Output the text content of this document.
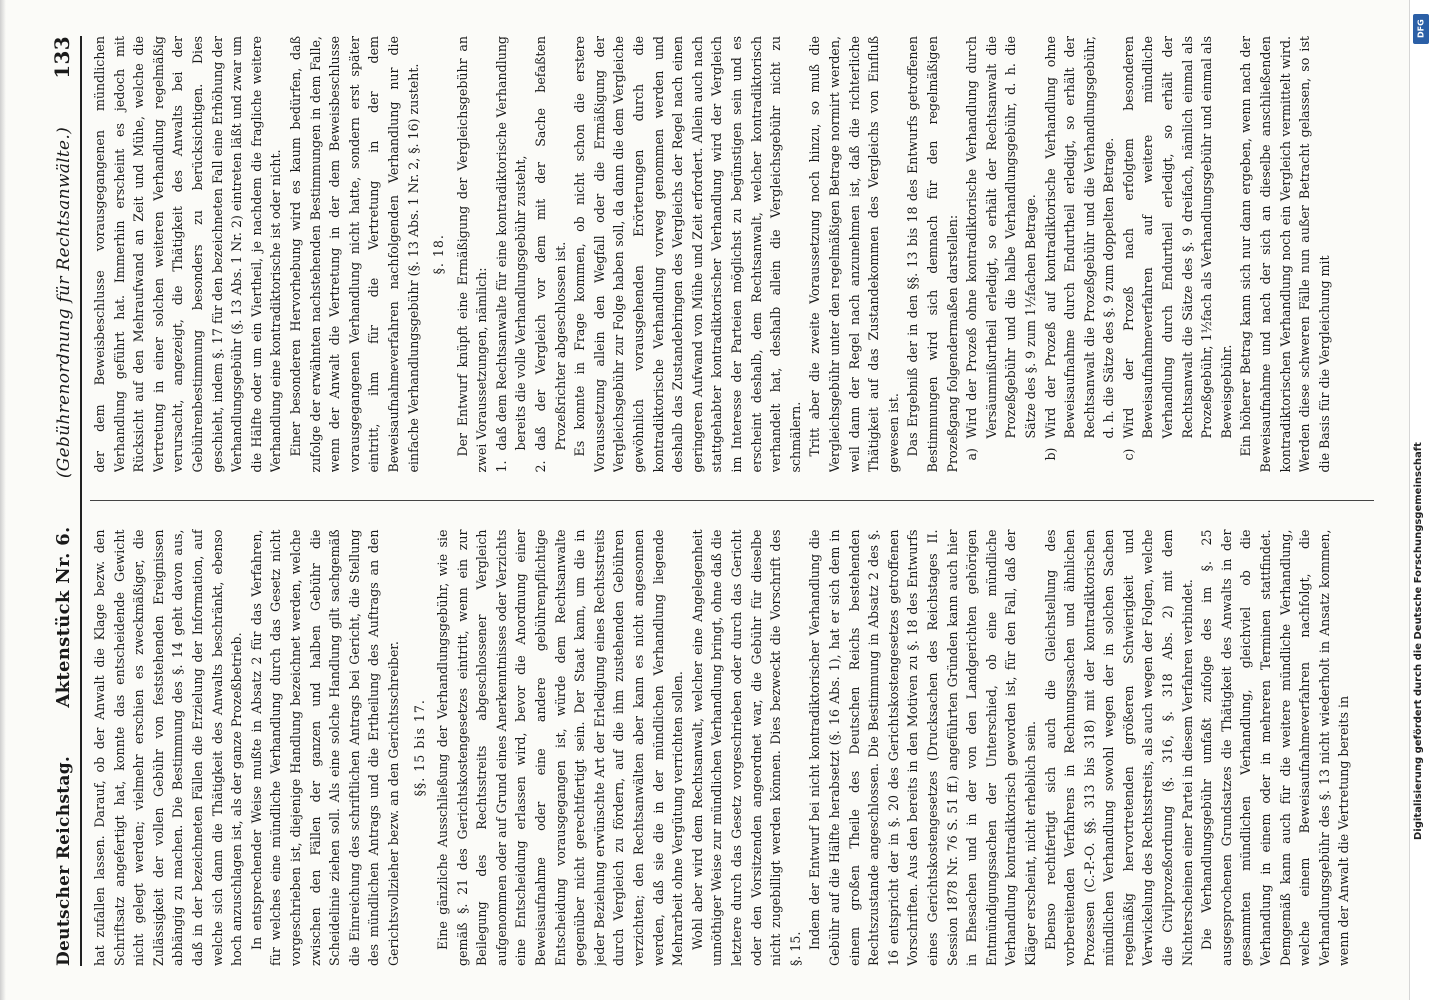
Deutscher Reichstag.
Aktenstück Nr. 6.
(Gebührenordnung für Rechtsanwälte.)
133

hat zufallen lassen. Darauf, ob der Anwalt die Klage bezw. den Schriftsatz angefertigt hat, konnte das entscheidende Gewicht nicht gelegt werden; vielmehr erschien es zweckmäßiger, die Zulässigkeit der vollen Gebühr von feststehenden Ereignissen abhängig zu machen. Die Bestimmung des §. 14 geht davon aus, daß in der bezeichneten Fällen die Erzielung der Information, auf welche sich dann die Thätigkeit des Anwalts beschränkt, ebenso hoch anzuschlagen ist, als der ganze Prozeßbetrieb. In entsprechender Weise mußte in Absatz 2 für das Verfahren, für welches eine mündliche Verhandlung durch das Gesetz nicht vorgeschrieben ist, diejenige Handlung bezeichnet werden, welche zwischen den Fällen der ganzen und halben Gebühr die Scheidelinie ziehen soll. Als eine solche Handlung gilt sachgemäß die Einreichung des schriftlichen Antrags bei Gericht, die Stellung des mündlichen Antrags und die Ertheilung des Auftrags an den Gerichtsvollzieher bezw. an den Gerichtsschreiber. §§. 15 bis 17. Eine gänzliche Ausschließung der Verhandlungsgebühr, wie sie gemäß §. 21 des Gerichtskostengesetzes eintritt, wenn ein zur Beilegung des Rechtsstreits abgeschlossener Vergleich aufgenommen oder auf Grund eines Anerkenntnisses oder Verzichts eine Entscheidung erlassen wird, bevor die Anordnung einer Beweisaufnahme oder eine andere gebührenpflichtige Entscheidung vorausgegangen ist, würde dem Rechtsanwalte gegenüber nicht gerechtfertigt sein. Der Staat kann, um die in jeder Beziehung erwünschte Art der Erledigung eines Rechtsstreits durch Vergleich zu fördern, auf die ihm zustehenden Gebühren verzichten; den Rechtsanwälten aber kann es nicht angesonnen werden, daß sie die in der mündlichen Verhandlung liegende Mehrarbeit ohne Vergütung verrichten sollen. Wohl aber wird dem Rechtsanwalt, welcher eine Angelegenheit unnöthiger Weise zur mündlichen Verhandlung bringt, ohne daß die letztere durch das Gesetz vorgeschrieben oder durch das Gericht oder den Vorsitzenden angeordnet war, die Gebühr für dieselbe nicht zugebilligt werden können. Dies bezweckt die Vorschrift des §. 15. Indem der Entwurf bei nicht kontradiktorischer Verhandlung die Gebühr auf die Hälfte herabsetzt (§. 16 Abs. 1), hat er sich dem in einem großen Theile des Deutschen Reichs bestehenden Rechtszustande angeschlossen. Die Bestimmung in Absatz 2 des §. 16 entspricht der in §. 20 des Gerichtskostengesetzes getroffenen Vorschriften. Aus den bereits in den Motiven zu §. 18 des Entwurfs eines Gerichtskostengesetzes (Drucksachen des Reichstages II. Session 1878 Nr. 76 S. 51 ff.) angeführten Gründen kann auch hier in Ehesachen und in der von den Landgerichten gehörigen Entmündigungssachen der Unterschied, ob eine mündliche Verhandlung kontradiktorisch geworden ist, für den Fall, daß der Kläger erscheint, nicht erheblich sein. Ebenso rechtfertigt sich auch die Gleichstellung des vorbereitenden Verfahrens in Rechnungssachen und ähnlichen Prozessen (C.-P.-O. §§. 313 bis 318) mit der kontradiktorischen mündlichen Verhandlung sowohl wegen der in solchen Sachen regelmäßig hervortretenden größeren Schwierigkeit und Verwickelung des Rechtsstreits, als auch wegen der Folgen, welche die Civilprozeßordnung (§. 316, §. 318 Abs. 2) mit dem Nichterscheinen einer Partei in diesem Verfahren verbindet. Die Verhandlungsgebühr umfaßt zufolge des im §. 25 ausgesprochenen Grundsatzes die Thätigkeit des Anwalts in der gesammten mündlichen Verhandlung, gleichviel ob die Verhandlung in einem oder in mehreren Terminen stattfindet. Demgemäß kann auch für die weitere mündliche Verhandlung, welche einem Beweisaufnahmeverfahren nachfolgt, die Verhandlungsgebühr des §. 13 nicht wiederholt in Ansatz kommen, wenn der Anwalt die Vertretung bereits in

der dem Beweisbeschlusse vorausgegangenen mündlichen Verhandlung geführt hat. Immerhin erscheint es jedoch mit Rücksicht auf den Mehraufwand an Zeit und Mühe, welche die Vertretung in einer solchen weiteren Verhandlung regelmäßig verursacht, angezeigt, die Thätigkeit des Anwalts bei der Gebührenbestimmung besonders zu berücksichtigen. Dies geschieht, indem §. 17 für den bezeichneten Fall eine Erhöhung der Verhandlungsgebühr (§. 13 Abs. 1 Nr. 2) eintreten läßt und zwar um die Hälfte oder um ein Viertheil, je nachdem die fragliche weitere Verhandlung eine kontradiktorische ist oder nicht. Einer besonderen Hervorhebung wird es kaum bedürfen, daß zufolge der erwähnten nachstehenden Bestimmungen in dem Falle, wenn der Anwalt die Vertretung in der dem Beweisbeschlusse vorausgegangenen Verhandlung nicht hatte, sondern erst später eintritt, ihm für die Vertretung in der dem Beweisaufnahmeverfahren nachfolgenden Verhandlung nur die einfache Verhandlungsgebühr (§. 13 Abs. 1 Nr. 2, §. 16) zusteht. §. 18. Der Entwurf knüpft eine Ermäßigung der Vergleichsgebühr an zwei Voraussetzungen, nämlich: 1.
daß dem Rechtsanwalte für eine kontradiktorische Verhandlung bereits die volle Verhandlungsgebühr zusteht,

2.
daß der Vergleich vor dem mit der Sache befaßten Prozeßrichter abgeschlossen ist. Es konnte in Frage kommen, ob nicht schon die erstere Voraussetzung allein den Wegfall oder die Ermäßigung der Vergleichsgebühr zur Folge haben soll, da dann die dem Vergleiche gewöhnlich vorausgehenden Erörterungen durch die kontradiktorische Verhandlung vorweg genommen werden und deshalb das Zustandebringen des Vergleichs der Regel nach einen geringeren Aufwand von Mühe und Zeit erfordert. Allein auch nach stattgehabter kontradiktorischer Verhandlung wird der Vergleich im Interesse der Parteien möglichst zu begünstigen sein und es erscheint deshalb, dem Rechtsanwalt, welcher kontradiktorisch verhandelt hat, deshalb allein die Vergleichsgebühr nicht zu schmälern. Tritt aber die zweite Voraussetzung noch hinzu, so muß die Vergleichsgebühr unter den regelmäßigen Betrage normirt werden, weil dann der Regel nach anzunehmen ist, daß die richterliche Thätigkeit auf das Zustandekommen des Vergleichs von Einfluß gewesen ist. Das Ergebniß der in den §§. 13 bis 18 des Entwurfs getroffenen Bestimmungen wird sich demnach für den regelmäßigen Prozeßgang folgendermaßen darstellen: a)
Wird der Prozeß ohne kontradiktorische Verhandlung durch Versäumnißurtheil erledigt, so erhält der Rechtsanwalt die Prozeßgebühr und die halbe Verhandlungsgebühr, d. h. die Sätze des §. 9 zum 1½fachen Betrage.

b)
Wird der Prozeß auf kontradiktorische Verhandlung ohne Beweisaufnahme durch Endurtheil erledigt, so erhält der Rechtsanwalt die Prozeßgebühr und die Verhandlungsgebühr, d. h. die Sätze des §. 9 zum doppelten Betrage.

c)
Wird der Prozeß nach erfolgtem besonderen Beweisaufnahmeverfahren auf weitere mündliche Verhandlung durch Endurtheil erledigt, so erhält der Rechtsanwalt die Sätze des §. 9 dreifach, nämlich einmal als Prozeßgebühr, 1½fach als Verhandlungsgebühr und einmal als Beweisgebühr. Ein höherer Betrag kann sich nur dann ergeben, wenn nach der Beweisaufnahme und nach der sich an dieselbe anschließenden kontradiktorischen Verhandlung noch ein Vergleich vermittelt wird. Werden diese schweren Fälle nun außer Betracht gelassen, so ist die Basis für die Vergleichung mit

DFG
Digitalisierung gefördert durch die Deutsche Forschungsgemeinschaft
